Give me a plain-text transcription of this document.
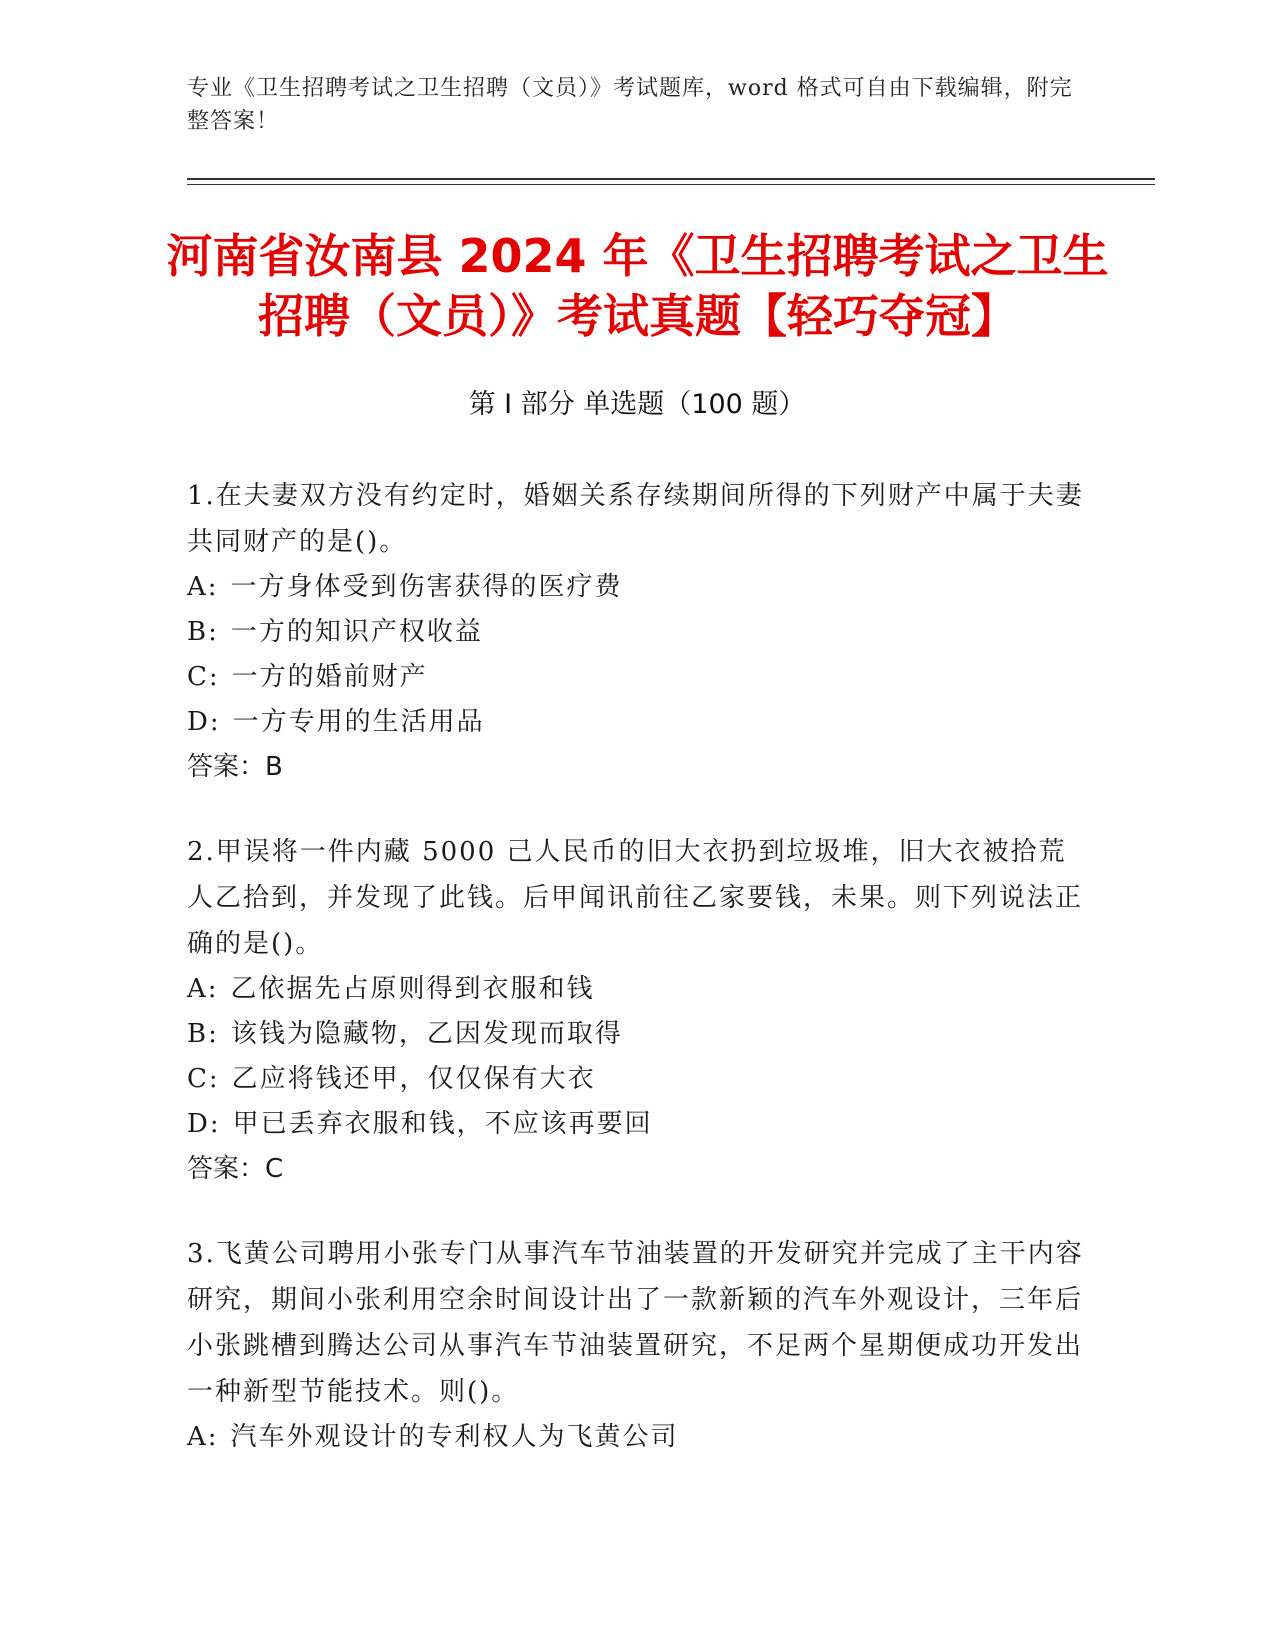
专业《卫生招聘考试之卫生招聘（文员）》考试题库，word 格式可自由下载编辑，附完整答案！
河南省汝南县 2024 年《卫生招聘考试之卫生
招聘（文员）》考试真题【轻巧夺冠】
第 I 部分 单选题（100 题）

1.在夫妻双方没有约定时，婚姻关系存续期间所得的下列财产中属于夫妻共同财产的是()。

A: 一方身体受到伤害获得的医疗费

B: 一方的知识产权收益

C: 一方的婚前财产

D: 一方专用的生活用品

答案：B

2.甲误将一件内藏 5000 己人民币的旧大衣扔到垃圾堆，旧大衣被拾荒人乙拾到，并发现了此钱。后甲闻讯前往乙家要钱，未果。则下列说法正确的是()。

A: 乙依据先占原则得到衣服和钱

B: 该钱为隐藏物，乙因发现而取得

C: 乙应将钱还甲，仅仅保有大衣

D: 甲已丢弃衣服和钱，不应该再要回

答案：C

3.飞黄公司聘用小张专门从事汽车节油装置的开发研究并完成了主干内容研究，期间小张利用空余时间设计出了一款新颖的汽车外观设计，三年后小张跳槽到腾达公司从事汽车节油装置研究，不足两个星期便成功开发出一种新型节能技术。则()。

A: 汽车外观设计的专利权人为飞黄公司
